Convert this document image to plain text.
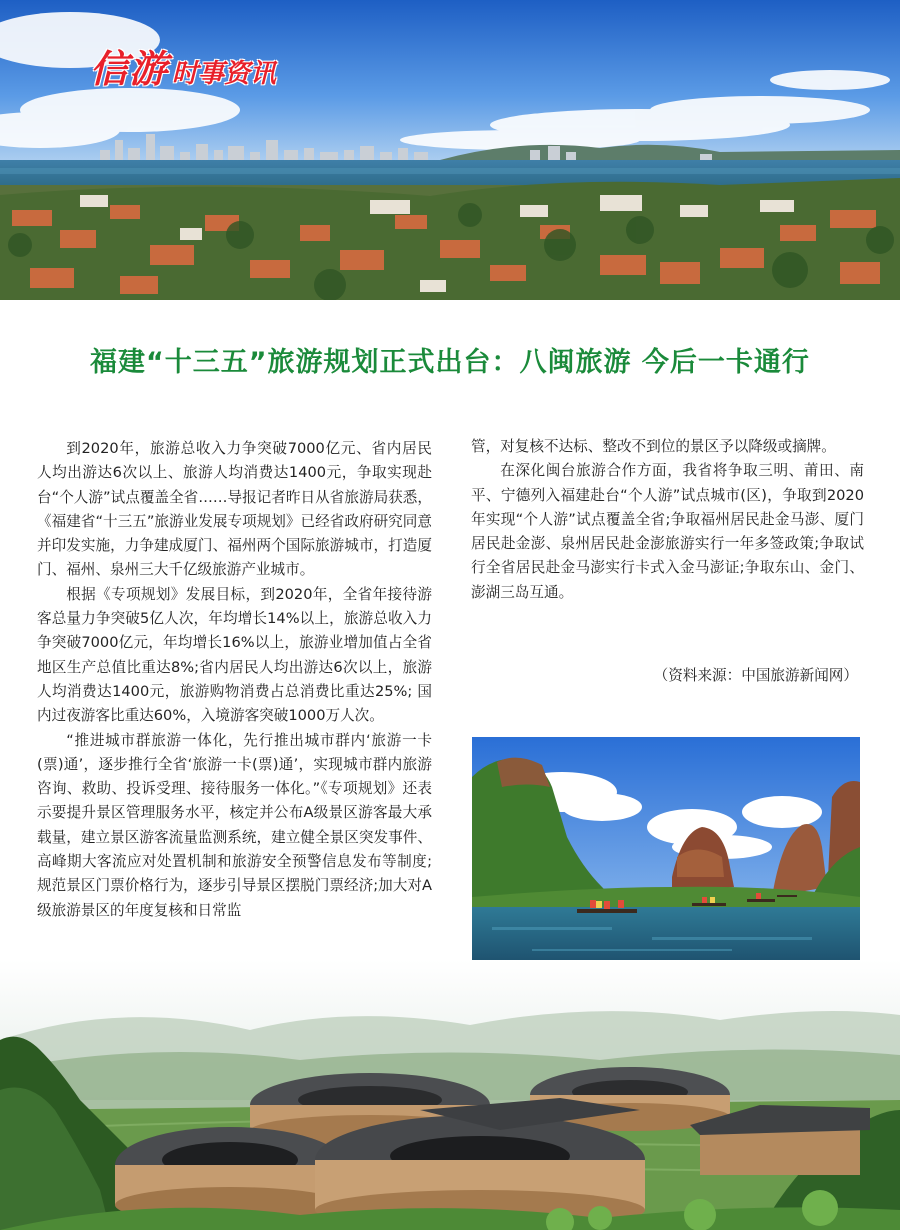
信游 时事资讯
福建“十三五”旅游规划正式出台：八闽旅游 今后一卡通行

到2020年，旅游总收入力争突破7000亿元、省内居民人均出游达6次以上、旅游人均消费达1400元，争取实现赴台“个人游”试点覆盖全省……导报记者昨日从省旅游局获悉，《福建省“十三五”旅游业发展专项规划》已经省政府研究同意并印发实施，力争建成厦门、福州两个国际旅游城市，打造厦门、福州、泉州三大千亿级旅游产业城市。

根据《专项规划》发展目标，到2020年，全省年接待游客总量力争突破5亿人次，年均增长14%以上，旅游总收入力争突破7000亿元，年均增长16%以上，旅游业增加值占全省地区生产总值比重达8%;省内居民人均出游达6次以上，旅游人均消费达1400元，旅游购物消费占总消费比重达25%; 国内过夜游客比重达60%，入境游客突破1000万人次。

“推进城市群旅游一体化，先行推出城市群内‘旅游一卡(票)通’，逐步推行全省‘旅游一卡(票)通’，实现城市群内旅游咨询、救助、投诉受理、接待服务一体化。”《专项规划》还表示要提升景区管理服务水平，核定并公布A级景区游客最大承载量，建立景区游客流量监测系统，建立健全景区突发事件、高峰期大客流应对处置机制和旅游安全预警信息发布等制度;规范景区门票价格行为，逐步引导景区摆脱门票经济;加大对A级旅游景区的年度复核和日常监

管，对复核不达标、整改不到位的景区予以降级或摘牌。

在深化闽台旅游合作方面，我省将争取三明、莆田、南平、宁德列入福建赴台“个人游”试点城市(区)，争取到2020年实现“个人游”试点覆盖全省;争取福州居民赴金马澎、厦门居民赴金澎、泉州居民赴金澎旅游实行一年多签政策;争取试行全省居民赴金马澎实行卡式入金马澎证;争取东山、金门、澎湖三岛互通。

（资料来源：中国旅游新闻网）
